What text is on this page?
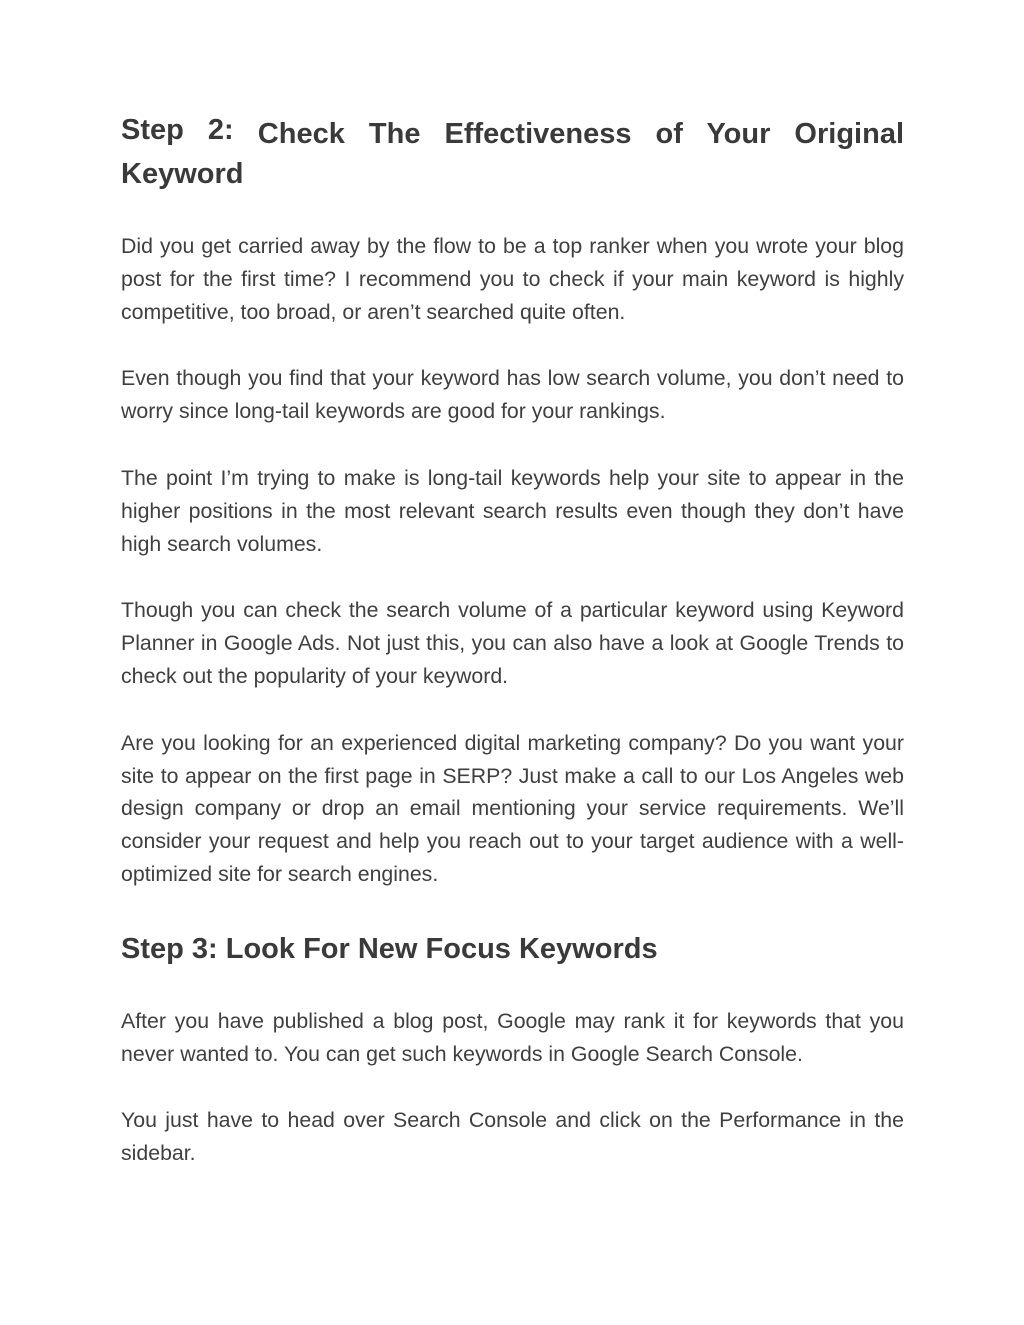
Step 2: Check The Effectiveness of Your Original Keyword

Did you get carried away by the flow to be a top ranker when you wrote your blog post for the first time? I recommend you to check if your main keyword is highly competitive, too broad, or aren’t searched quite often.

Even though you find that your keyword has low search volume, you don’t need to worry since long-tail keywords are good for your rankings.

The point I’m trying to make is long-tail keywords help your site to appear in the higher positions in the most relevant search results even though they don’t have high search volumes.

Though you can check the search volume of a particular keyword using Keyword Planner in Google Ads. Not just this, you can also have a look at Google Trends to check out the popularity of your keyword.

Are you looking for an experienced digital marketing company? Do you want your site to appear on the first page in SERP? Just make a call to our Los Angeles web design company or drop an email mentioning your service requirements. We’ll consider your request and help you reach out to your target audience with a well-optimized site for search engines.

Step 3: Look For New Focus Keywords

After you have published a blog post, Google may rank it for keywords that you never wanted to. You can get such keywords in Google Search Console.

You just have to head over Search Console and click on the Performance in the sidebar.
